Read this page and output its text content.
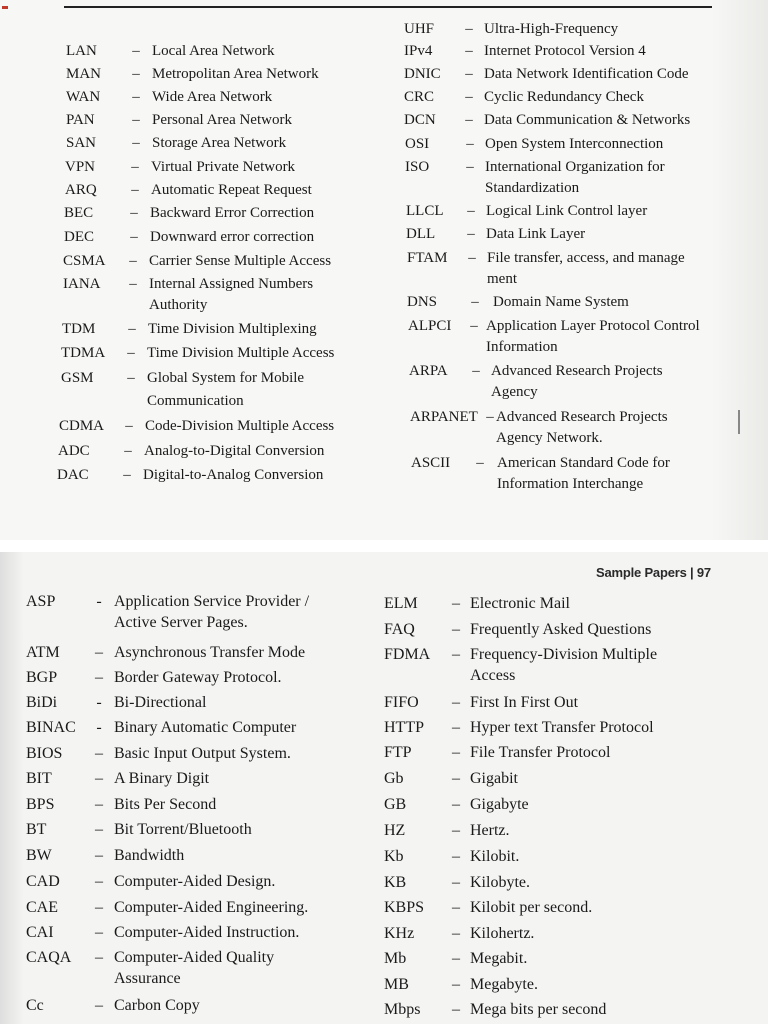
LAN	– Local Area Network
MAN	– Metropolitan Area Network
WAN	– Wide Area Network
PAN	– Personal Area Network
SAN	– Storage Area Network
VPN	– Virtual Private Network
ARQ	– Automatic Repeat Request
BEC	– Backward Error Correction
DEC	– Downward error correction
CSMA	– Carrier Sense Multiple Access
IANA	– Internal Assigned Numbers Authority
TDM	– Time Division Multiplexing
TDMA	– Time Division Multiple Access
GSM	– Global System for Mobile Communication
CDMA	– Code-Division Multiple Access
ADC	– Analog-to-Digital Conversion
DAC	– Digital-to-Analog Conversion
UHF	– Ultra-High-Frequency
IPv4	– Internet Protocol Version 4
DNIC	– Data Network Identification Code
CRC	– Cyclic Redundancy Check
DCN	– Data Communication & Networks
OSI	– Open System Interconnection
ISO	– International Organization for Standardization
LLCL	– Logical Link Control layer
DLL	– Data Link Layer
FTAM	– File transfer, access, and manage ment
DNS	– Domain Name System
ALPCI	– Application Layer Protocol Control Information
ARPA	– Advanced Research Projects Agency
ARPANET – Advanced Research Projects Agency Network.
ASCII	– American Standard Code for Information Interchange
Sample Papers | 97
ASP	- Application Service Provider / Active Server Pages.
ATM	– Asynchronous Transfer Mode
BGP	– Border Gateway Protocol.
BiDi	- Bi-Directional
BINAC	- Binary Automatic Computer
BIOS	– Basic Input Output System.
BIT	– A Binary Digit
BPS	– Bits Per Second
BT	– Bit Torrent/Bluetooth
BW	– Bandwidth
CAD	– Computer-Aided Design.
CAE	– Computer-Aided Engineering.
CAI	– Computer-Aided Instruction.
CAQA	– Computer-Aided Quality Assurance
Cc	– Carbon Copy
ELM	– Electronic Mail
FAQ	– Frequently Asked Questions
FDMA	– Frequency-Division Multiple Access
FIFO	– First In First Out
HTTP	– Hyper text Transfer Protocol
FTP	– File Transfer Protocol
Gb	– Gigabit
GB	– Gigabyte
HZ	– Hertz.
Kb	– Kilobit.
KB	– Kilobyte.
KBPS	– Kilobit per second.
KHz	– Kilohertz.
Mb	– Megabit.
MB	– Megabyte.
Mbps	– Mega bits per second
